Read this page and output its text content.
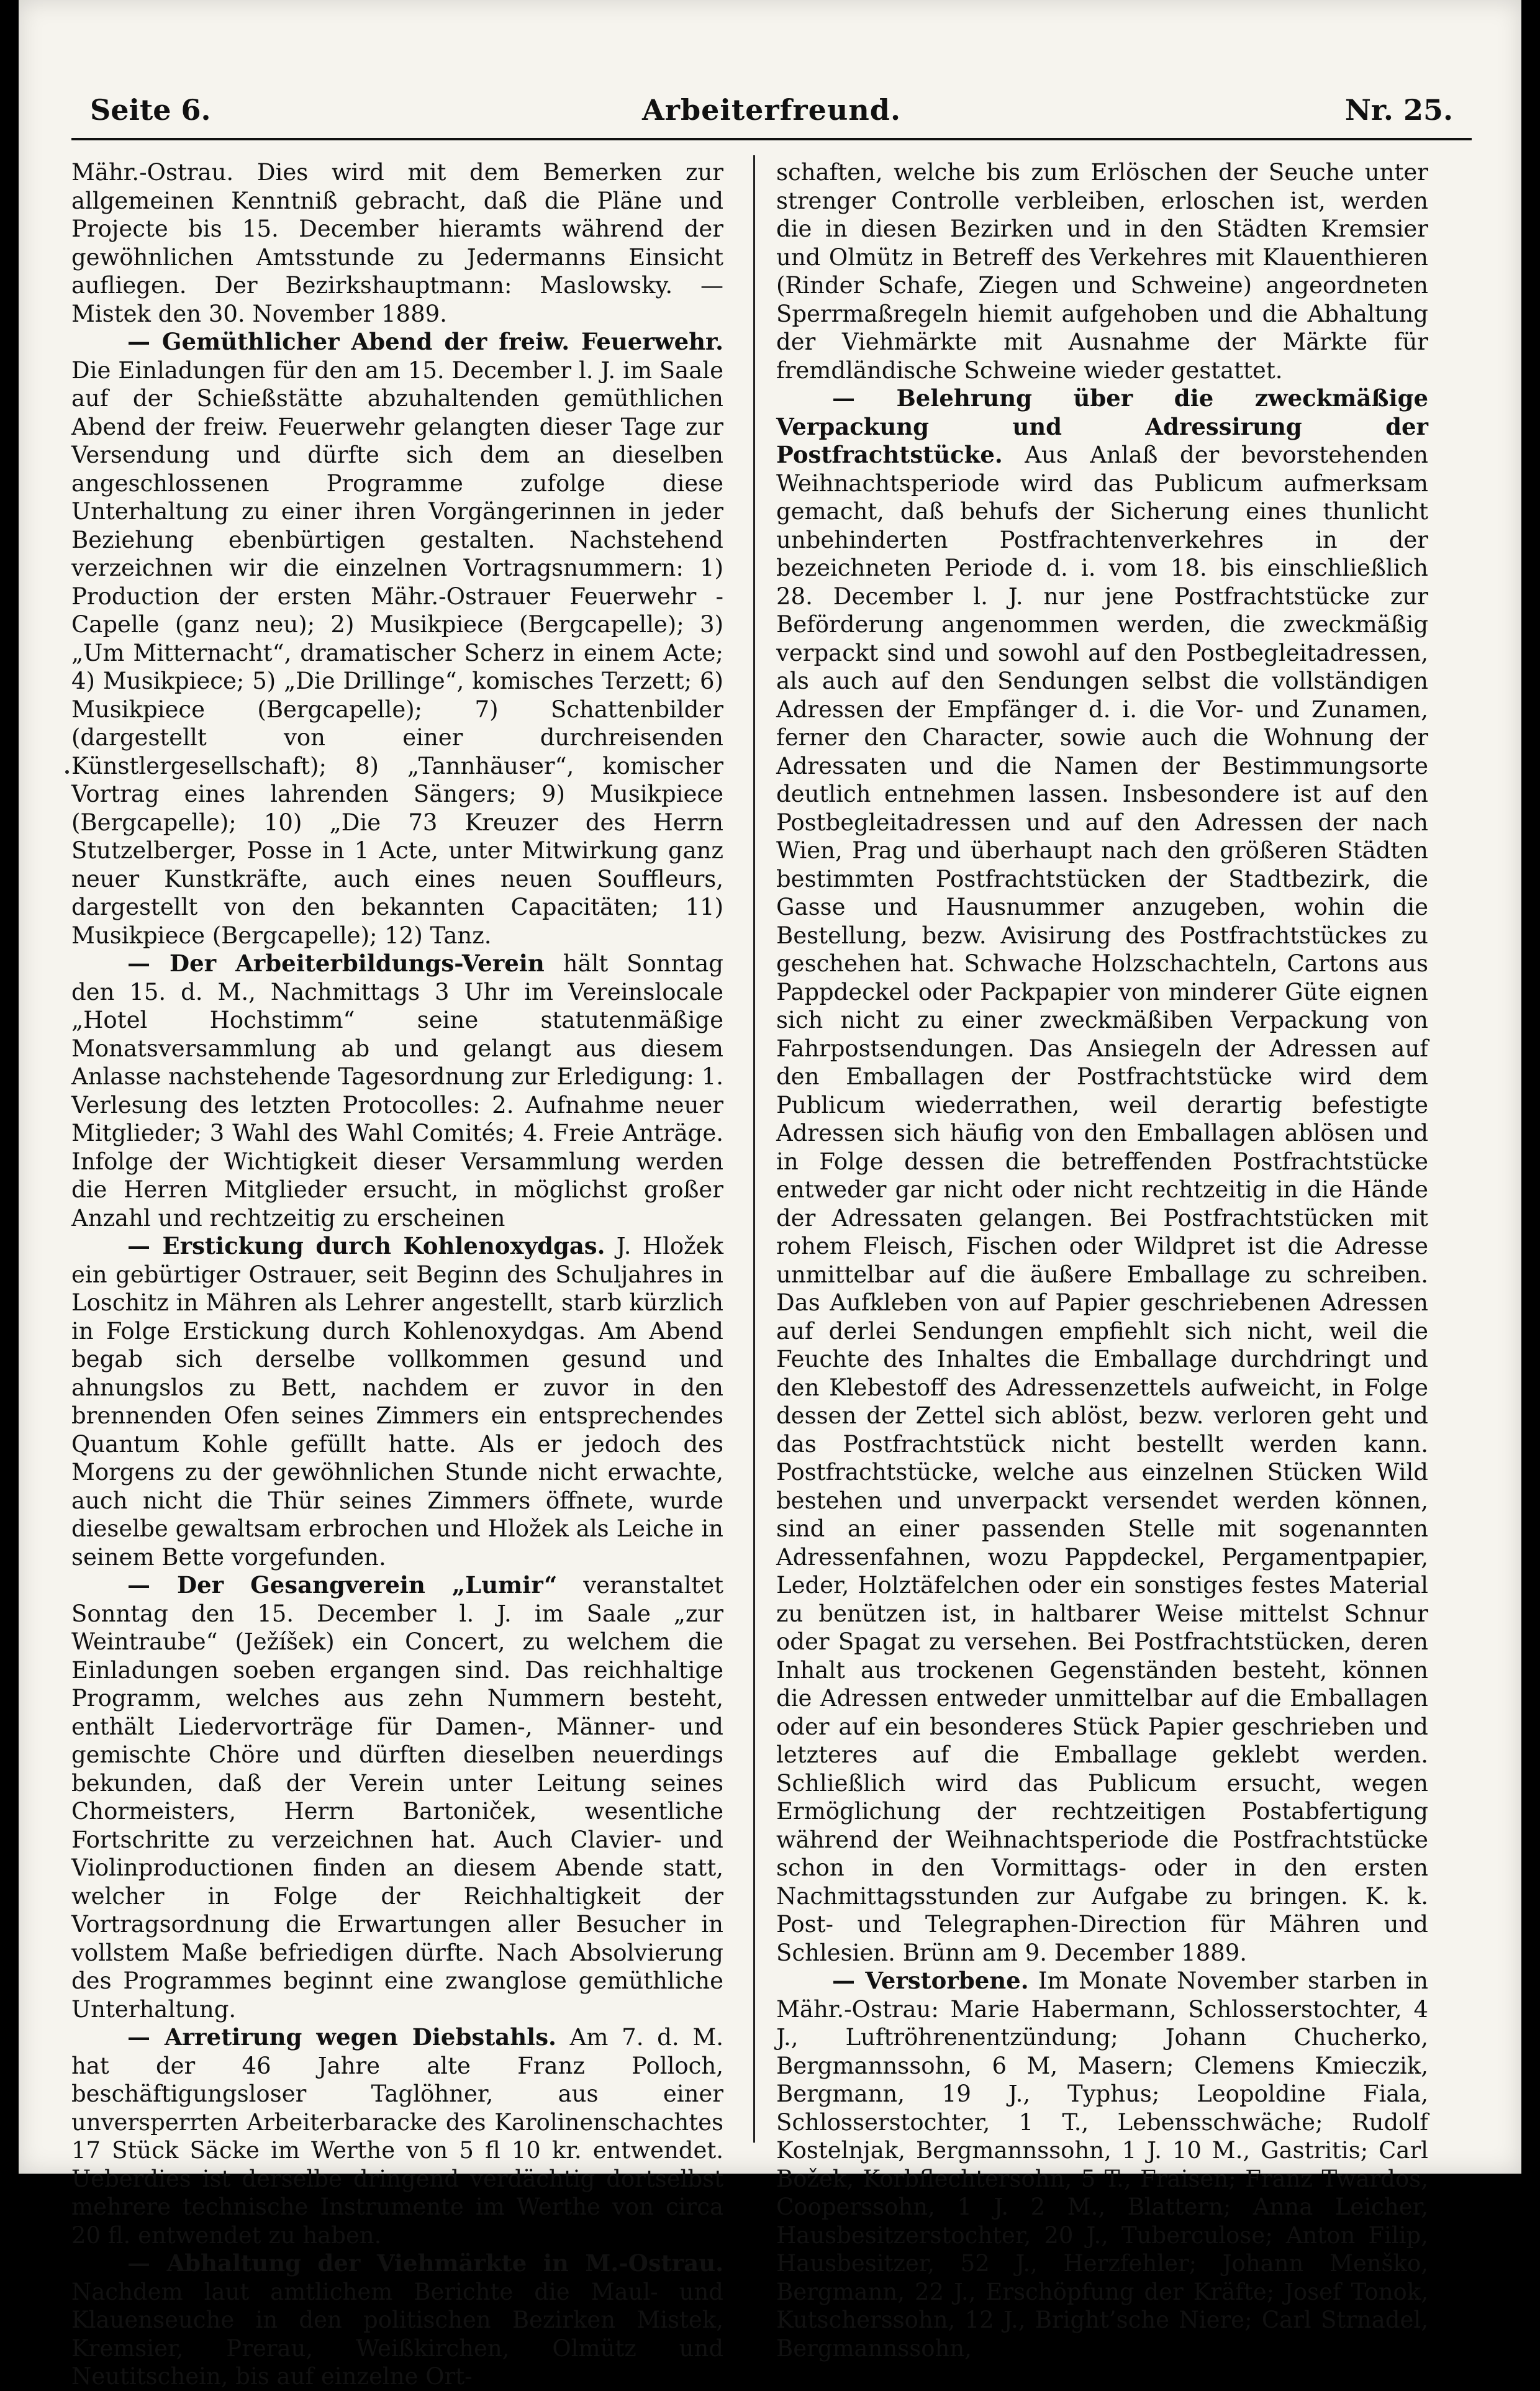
Seite 6.	Arbeiterfreund.	Nr. 25.

Mähr.-Ostrau. Dies wird mit dem Bemerken zur allgemeinen Kenntniß gebracht, daß die Pläne und Projecte bis 15. December hieramts während der gewöhnlichen Amtsstunde zu Jedermanns Einsicht aufliegen. Der Bezirkshauptmann: Maslowsky. — Mistek den 30. November 1889.

— Gemüthlicher Abend der freiw. Feuerwehr. Die Einladungen für den am 15. December l. J. im Saale auf der Schießstätte abzuhaltenden gemüthlichen Abend der freiw. Feuerwehr gelangten dieser Tage zur Versendung und dürfte sich dem an dieselben angeschlossenen Programme zufolge diese Unterhaltung zu einer ihren Vorgängerinnen in jeder Beziehung ebenbürtigen gestalten. Nachstehend verzeichnen wir die einzelnen Vortragsnummern: 1) Production der ersten Mähr.-Ostrauer Feuerwehr - Capelle (ganz neu); 2) Musikpiece (Bergcapelle); 3) „Um Mitternacht“, dramatischer Scherz in einem Acte; 4) Musikpiece; 5) „Die Drillinge“, komisches Terzett; 6) Musikpiece (Bergcapelle); 7) Schattenbilder (dargestellt von einer durchreisenden Künstlergesellschaft); 8) „Tannhäuser“, komischer Vortrag eines lahrenden Sängers; 9) Musikpiece (Bergcapelle); 10) „Die 73 Kreuzer des Herrn Stutzelberger, Posse in 1 Acte, unter Mitwirkung ganz neuer Kunstkräfte, auch eines neuen Souffleurs, dargestellt von den bekannten Capacitäten; 11) Musikpiece (Bergcapelle); 12) Tanz.

— Der Arbeiterbildungs-Verein hält Sonntag den 15. d. M., Nachmittags 3 Uhr im Vereinslocale „Hotel Hochstimm“ seine statutenmäßige Monatsversammlung ab und gelangt aus diesem Anlasse nachstehende Tagesordnung zur Erledigung: 1. Verlesung des letzten Protocolles: 2. Aufnahme neuer Mitglieder; 3 Wahl des Wahl Comités; 4. Freie Anträge. Infolge der Wichtigkeit dieser Versammlung werden die Herren Mitglieder ersucht, in möglichst großer Anzahl und rechtzeitig zu erscheinen

— Erstickung durch Kohlenoxydgas. J. Hložek ein gebürtiger Ostrauer, seit Beginn des Schuljahres in Loschitz in Mähren als Lehrer angestellt, starb kürzlich in Folge Erstickung durch Kohlenoxydgas. Am Abend begab sich derselbe vollkommen gesund und ahnungslos zu Bett, nachdem er zuvor in den brennenden Ofen seines Zimmers ein entsprechendes Quantum Kohle gefüllt hatte. Als er jedoch des Morgens zu der gewöhnlichen Stunde nicht erwachte, auch nicht die Thür seines Zimmers öffnete, wurde dieselbe gewaltsam erbrochen und Hložek als Leiche in seinem Bette vorgefunden.

— Der Gesangverein „Lumir“ veranstaltet Sonntag den 15. December l. J. im Saale „zur Weintraube“ (Ježíšek) ein Concert, zu welchem die Einladungen soeben ergangen sind. Das reichhaltige Programm, welches aus zehn Nummern besteht, enthält Liedervorträge für Damen-, Männer- und gemischte Chöre und dürften dieselben neuerdings bekunden, daß der Verein unter Leitung seines Chormeisters, Herrn Bartoniček, wesentliche Fortschritte zu verzeichnen hat. Auch Clavier- und Violinproductionen finden an diesem Abende statt, welcher in Folge der Reichhaltigkeit der Vortragsordnung die Erwartungen aller Besucher in vollstem Maße befriedigen dürfte. Nach Absolvierung des Programmes beginnt eine zwanglose gemüthliche Unterhaltung.

— Arretirung wegen Diebstahls. Am 7. d. M. hat der 46 Jahre alte Franz Polloch, beschäftigungsloser Taglöhner, aus einer unversperrten Arbeiterbaracke des Karolinenschachtes 17 Stück Säcke im Werthe von 5 fl 10 kr. entwendet. Ueberdies ist derselbe dringend verdächtig dortselbst mehrere technische Instrumente im Werthe von circa 20 fl. entwendet zu haben.

— Abhaltung der Viehmärkte in M.-Ostrau. Nachdem laut amtlichem Berichte die Maul- und Klauenseuche in den politischen Bezirken Mistek, Kremsier, Prerau, Weißkirchen, Olmütz und Neutitschein, bis auf einzelne Ort-

schaften, welche bis zum Erlöschen der Seuche unter strenger Controlle verbleiben, erloschen ist, werden die in diesen Bezirken und in den Städten Kremsier und Olmütz in Betreff des Verkehres mit Klauenthieren (Rinder Schafe, Ziegen und Schweine) angeordneten Sperrmaßregeln hiemit aufgehoben und die Abhaltung der Viehmärkte mit Ausnahme der Märkte für fremdländische Schweine wieder gestattet.

— Belehrung über die zweckmäßige Verpackung und Adressirung der Postfrachtstücke. Aus Anlaß der bevorstehenden Weihnachtsperiode wird das Publicum aufmerksam gemacht, daß behufs der Sicherung eines thunlicht unbehinderten Postfrachtenverkehres in der bezeichneten Periode d. i. vom 18. bis einschließlich 28. December l. J. nur jene Postfrachtstücke zur Beförderung angenommen werden, die zweckmäßig verpackt sind und sowohl auf den Postbegleitadressen, als auch auf den Sendungen selbst die vollständigen Adressen der Empfänger d. i. die Vor- und Zunamen, ferner den Character, sowie auch die Wohnung der Adressaten und die Namen der Bestimmungsorte deutlich entnehmen lassen. Insbesondere ist auf den Postbegleitadressen und auf den Adressen der nach Wien, Prag und überhaupt nach den größeren Städten bestimmten Postfrachtstücken der Stadtbezirk, die Gasse und Hausnummer anzugeben, wohin die Bestellung, bezw. Avisirung des Postfrachtstückes zu geschehen hat. Schwache Holzschachteln, Cartons aus Pappdeckel oder Packpapier von minderer Güte eignen sich nicht zu einer zweckmäßiben Verpackung von Fahrpostsendungen. Das Ansiegeln der Adressen auf den Emballagen der Postfrachtstücke wird dem Publicum wiederrathen, weil derartig befestigte Adressen sich häufig von den Emballagen ablösen und in Folge dessen die betreffenden Postfrachtstücke entweder gar nicht oder nicht rechtzeitig in die Hände der Adressaten gelangen. Bei Postfrachtstücken mit rohem Fleisch, Fischen oder Wildpret ist die Adresse unmittelbar auf die äußere Emballage zu schreiben. Das Aufkleben von auf Papier geschriebenen Adressen auf derlei Sendungen empfiehlt sich nicht, weil die Feuchte des Inhaltes die Emballage durchdringt und den Klebestoff des Adressenzettels aufweicht, in Folge dessen der Zettel sich ablöst, bezw. verloren geht und das Postfrachtstück nicht bestellt werden kann. Postfrachtstücke, welche aus einzelnen Stücken Wild bestehen und unverpackt versendet werden können, sind an einer passenden Stelle mit sogenannten Adressenfahnen, wozu Pappdeckel, Pergamentpapier, Leder, Holztäfelchen oder ein sonstiges festes Material zu benützen ist, in haltbarer Weise mittelst Schnur oder Spagat zu versehen. Bei Postfrachtstücken, deren Inhalt aus trockenen Gegenständen besteht, können die Adressen entweder unmittelbar auf die Emballagen oder auf ein besonderes Stück Papier geschrieben und letzteres auf die Emballage geklebt werden. Schließlich wird das Publicum ersucht, wegen Ermöglichung der rechtzeitigen Postabfertigung während der Weihnachtsperiode die Postfrachtstücke schon in den Vormittags- oder in den ersten Nachmittagsstunden zur Aufgabe zu bringen. K. k. Post- und Telegraphen-Direction für Mähren und Schlesien. Brünn am 9. December 1889.

— Verstorbene. Im Monate November starben in Mähr.-Ostrau: Marie Habermann, Schlosserstochter, 4 J., Luftröhrenentzündung; Johann Chucherko, Bergmannssohn, 6 M, Masern; Clemens Kmieczik, Bergmann, 19 J., Typhus; Leopoldine Fiala, Schlosserstochter, 1 T., Lebensschwäche; Rudolf Kostelnjak, Bergmannssohn, 1 J. 10 M., Gastritis; Carl Božek, Korbflechtersohn, 5 T., Fraisen; Franz Twardos, Cooperssohn, 1 J. 2 M., Blattern; Anna Leicher, Hausbesitzerstochter, 20 J., Tuberculose; Anton Filip, Hausbesitzer, 52 J., Herzfehler; Johann Menško, Bergmann, 22 J., Erschöpfung der Kräfte; Josef Tonok, Kutscherssohn, 12 J., Bright’sche Niere; Carl Strnadel, Bergmannssohn,
